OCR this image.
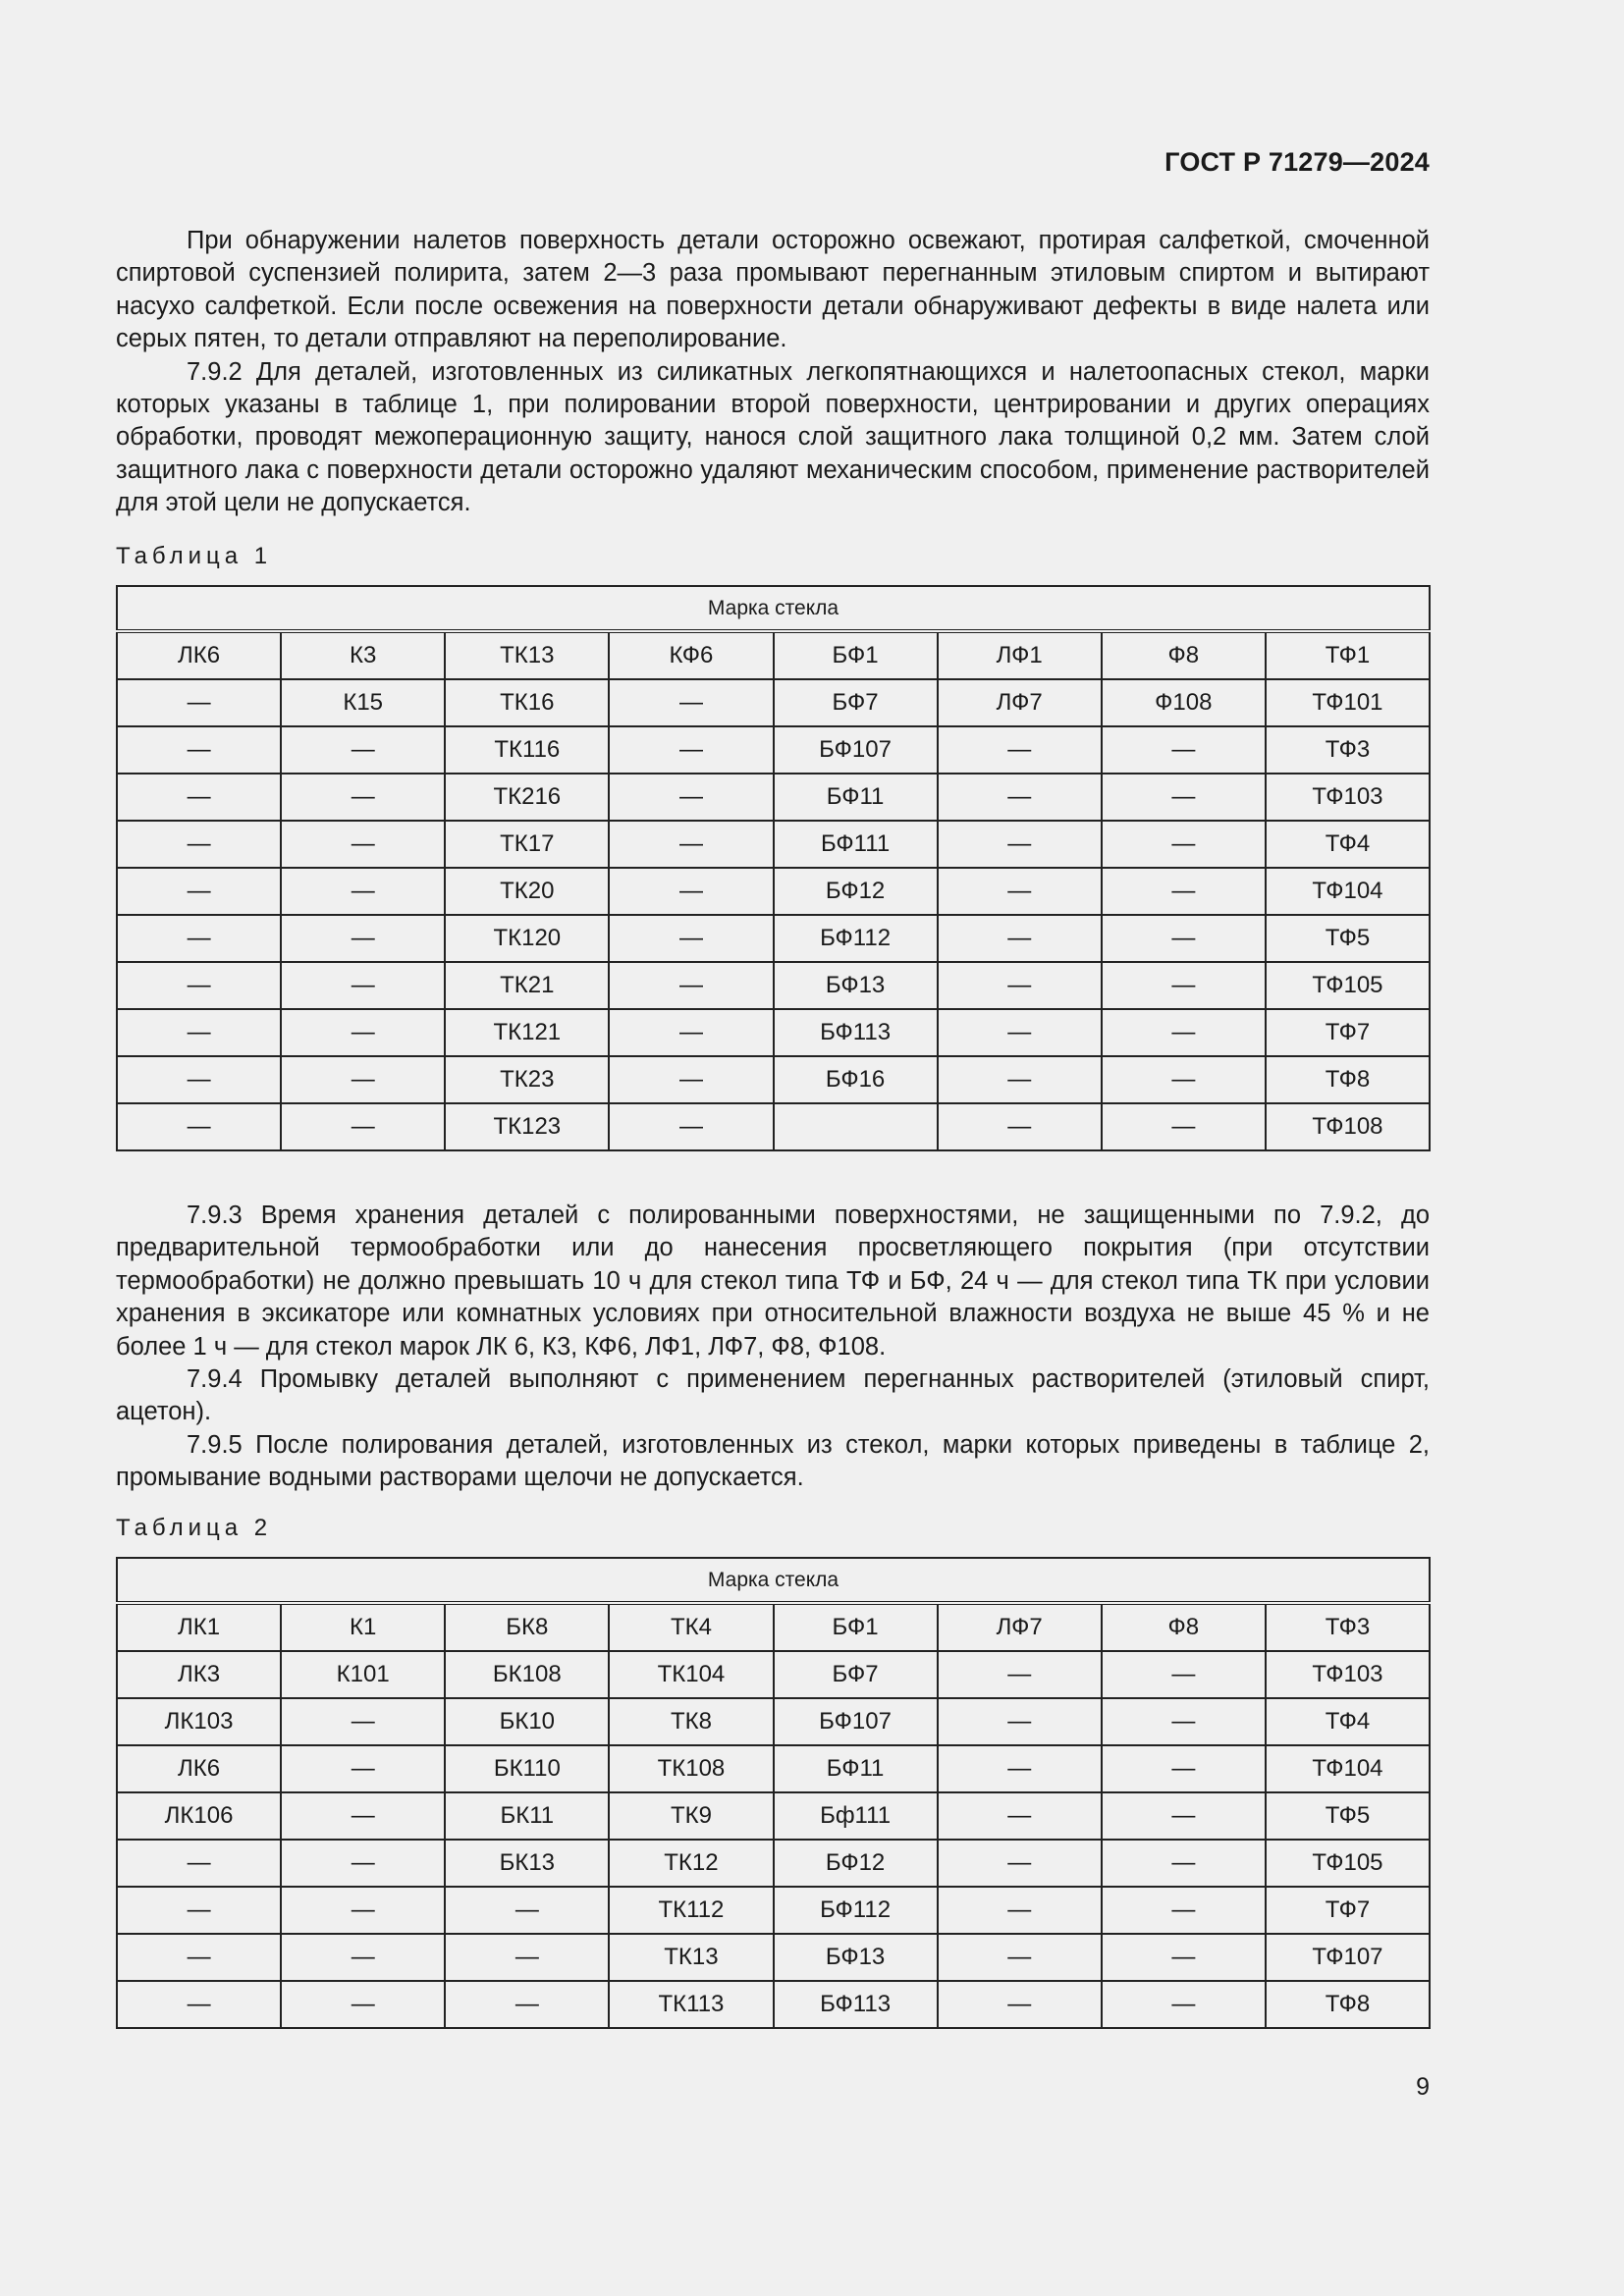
ГОСТ Р 71279—2024

При обнаружении налетов поверхность детали осторожно освежают, протирая салфеткой, смоченной спиртовой суспензией полирита, затем 2—3 раза промывают перегнанным этиловым спиртом и вытирают насухо салфеткой. Если после освежения на поверхности детали обнаруживают дефекты в виде налета или серых пятен, то детали отправляют на переполирование.

7.9.2 Для деталей, изготовленных из силикатных легкопятнающихся и налетоопасных стекол, марки которых указаны в таблице 1, при полировании второй поверхности, центрировании и других операциях обработки, проводят межоперационную защиту, нанося слой защитного лака толщиной 0,2 мм. Затем слой защитного лака с поверхности детали осторожно удаляют механическим способом, применение растворителей для этой цели не допускается.

Таблица 1
Марка стекла							
ЛК6	К3	ТК13	КФ6	БФ1	ЛФ1	Ф8	ТФ1
—	К15	ТК16	—	БФ7	ЛФ7	Ф108	ТФ101
—	—	ТК116	—	БФ107	—	—	ТФ3
—	—	ТК216	—	БФ11	—	—	ТФ103
—	—	ТК17	—	БФ111	—	—	ТФ4
—	—	ТК20	—	БФ12	—	—	ТФ104
—	—	ТК120	—	БФ112	—	—	ТФ5
—	—	ТК21	—	БФ13	—	—	ТФ105
—	—	ТК121	—	БФ113	—	—	ТФ7
—	—	ТК23	—	БФ16	—	—	ТФ8
—	—	ТК123	—		—	—	ТФ108

7.9.3 Время хранения деталей с полированными поверхностями, не защищенными по 7.9.2, до предварительной термообработки или до нанесения просветляющего покрытия (при отсутствии термообработки) не должно превышать 10 ч для стекол типа ТФ и БФ, 24 ч — для стекол типа ТК при условии хранения в эксикаторе или комнатных условиях при относительной влажности воздуха не выше 45 % и не более 1 ч — для стекол марок ЛК 6, К3, КФ6, ЛФ1, ЛФ7, Ф8, Ф108.

7.9.4 Промывку деталей выполняют с применением перегнанных растворителей (этиловый спирт, ацетон).

7.9.5 После полирования деталей, изготовленных из стекол, марки которых приведены в таблице 2, промывание водными растворами щелочи не допускается.

Таблица 2
Марка стекла							
ЛК1	К1	БК8	ТК4	БФ1	ЛФ7	Ф8	ТФ3
ЛК3	К101	БК108	ТК104	БФ7	—	—	ТФ103
ЛК103	—	БК10	ТК8	БФ107	—	—	ТФ4
ЛК6	—	БК110	ТК108	БФ11	—	—	ТФ104
ЛК106	—	БК11	ТК9	Бф111	—	—	ТФ5
—	—	БК13	ТК12	БФ12	—	—	ТФ105
—	—	—	ТК112	БФ112	—	—	ТФ7
—	—	—	ТК13	БФ13	—	—	ТФ107
—	—	—	ТК113	БФ113	—	—	ТФ8
9
